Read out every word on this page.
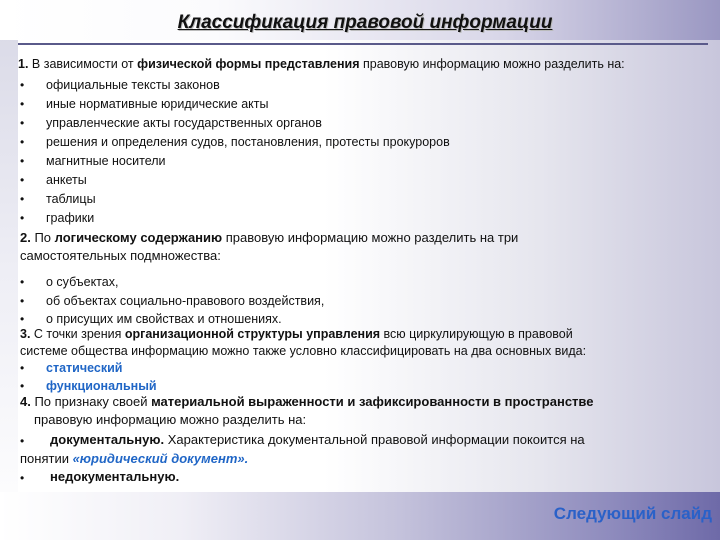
Классификация правовой информации
1. В зависимости от физической формы представления правовую информацию можно разделить на:
• официальные тексты законов
• иные нормативные юридические акты
• управленческие акты государственных органов
• решения и определения судов, постановления, протесты прокуроров
• магнитные носители
• анкеты
• таблицы
• графики
2. По логическому содержанию правовую информацию можно разделить на три
самостоятельных подмножества:
• о субъектах,
• об объектах социально-правового воздействия,
• о присущих им свойствах и отношениях.
3. С точки зрения организационной структуры управления всю циркулирующую в правовой
системе общества информацию можно также условно классифицировать на два основных вида:
• статический
• функциональный
4. По признаку своей материальной выраженности и зафиксированности в пространстве
правовую информацию можно разделить на:
• документальную. Характеристика документальной правовой информации покоится на
понятии «юридический документ».
• недокументальную.
Следующий слайд
